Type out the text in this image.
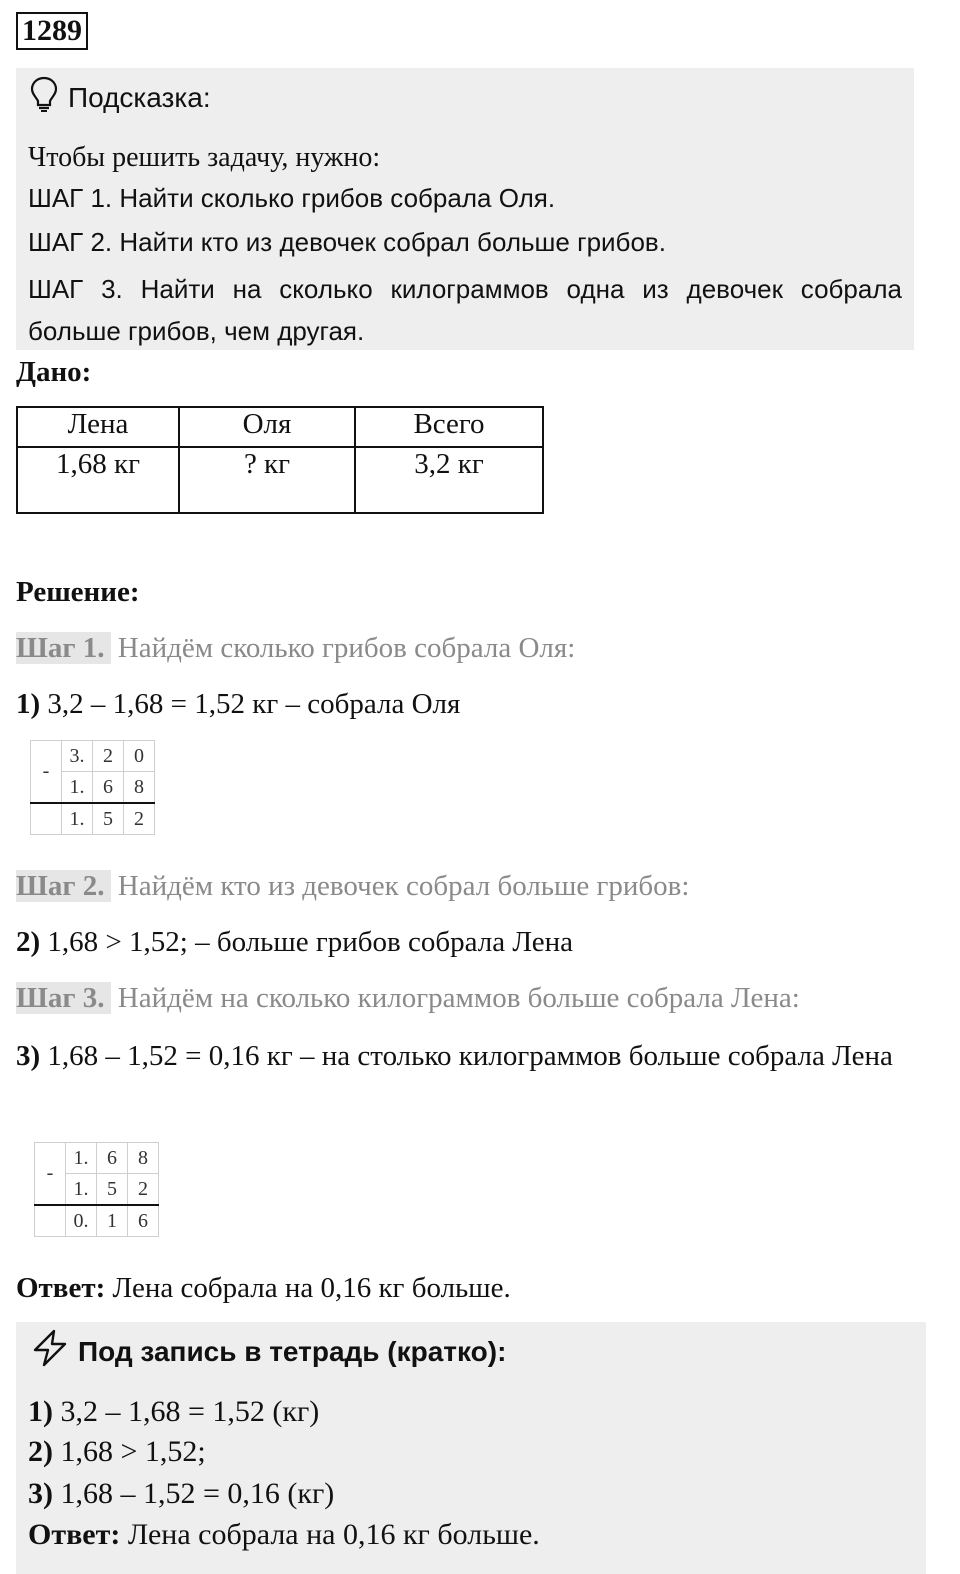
1289
Подсказка:
Чтобы решить задачу, нужно:
ШАГ 1. Найти сколько грибов собрала Оля.
ШАГ 2. Найти кто из девочек собрал больше грибов.
ШАГ 3. Найти на сколько килограммов одна из девочек собрала больше грибов, чем другая.
Дано:
Лена	Оля	Всего
1,68 кг	? кг	3,2 кг
Решение:
Шаг 1. Найдём сколько грибов собрала Оля:
1) 3,2 – 1,68 = 1,52 кг – собрала Оля
-	3.	2	0
	1.	6	8
	1.	5	2
Шаг 2. Найдём кто из девочек собрал больше грибов:
2) 1,68 > 1,52; – больше грибов собрала Лена
Шаг 3. Найдём на сколько килограммов больше собрала Лена:
3) 1,68 – 1,52 = 0,16 кг – на столько килограммов больше собрала Лена
-	1.	6	8
	1.	5	2
	0.	1	6
Ответ: Лена собрала на 0,16 кг больше.
Под запись в тетрадь (кратко):
1) 3,2 – 1,68 = 1,52 (кг)
2) 1,68 > 1,52;
3) 1,68 – 1,52 = 0,16 (кг)
Ответ: Лена собрала на 0,16 кг больше.
